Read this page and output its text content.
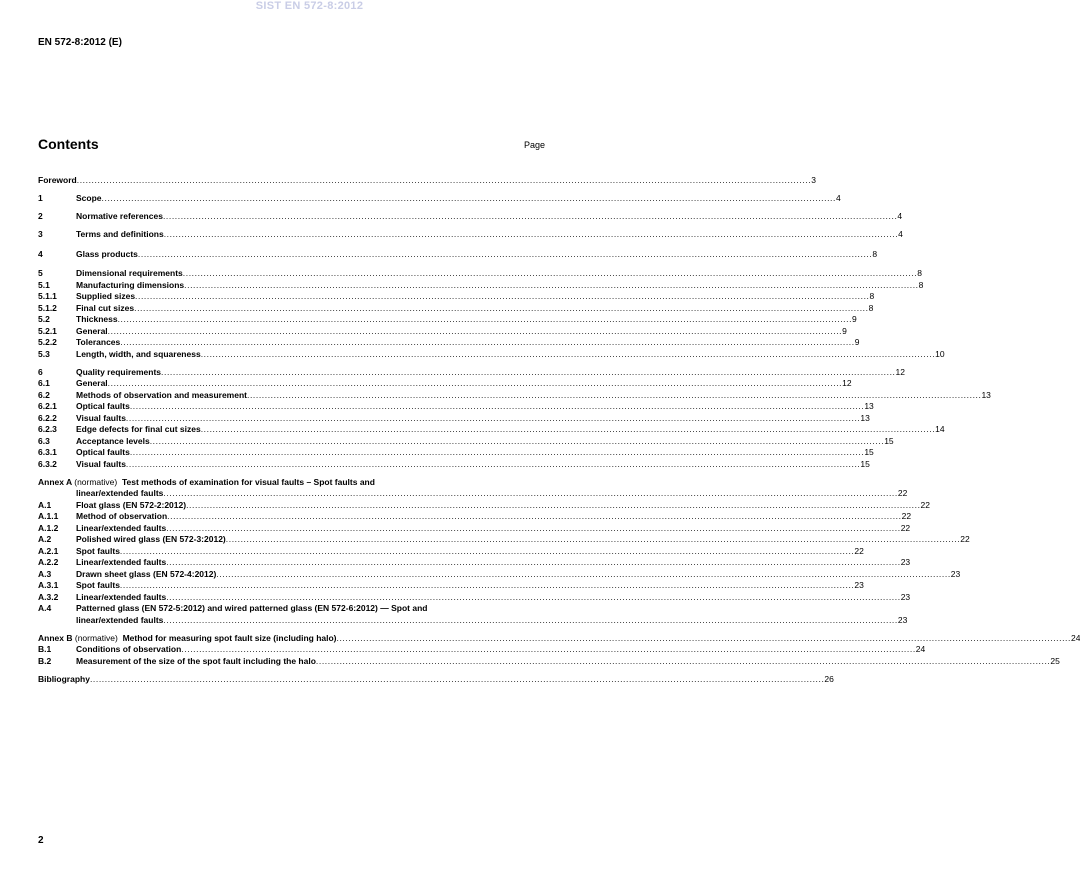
SIST EN 572-8:2012
EN 572-8:2012 (E)
Contents	Page
Foreword .....	3
1	Scope .....	4
2	Normative references .....	4
3	Terms and definitions .....	4
4	Glass products .....	8
5	Dimensional requirements .....	8
5.1	Manufacturing dimensions .....	8
5.1.1	Supplied sizes .....	8
5.1.2	Final cut sizes .....	8
5.2	Thickness .....	9
5.2.1	General .....	9
5.2.2	Tolerances .....	9
5.3	Length, width, and squareness .....	10
6	Quality requirements .....	12
6.1	General .....	12
6.2	Methods of observation and measurement .....	13
6.2.1	Optical faults .....	13
6.2.2	Visual faults .....	13
6.2.3	Edge defects for final cut sizes .....	14
6.3	Acceptance levels .....	15
6.3.1	Optical faults .....	15
6.3.2	Visual faults .....	15
Annex A (normative) Test methods of examination for visual faults – Spot faults and
linear/extended faults .....	22
A.1	Float glass (EN 572-2:2012) .....	22
A.1.1	Method of observation .....	22
A.1.2	Linear/extended faults .....	22
A.2	Polished wired glass (EN 572-3:2012) .....	22
A.2.1	Spot faults .....	22
A.2.2	Linear/extended faults .....	23
A.3	Drawn sheet glass (EN 572-4:2012) .....	23
A.3.1	Spot faults .....	23
A.3.2	Linear/extended faults .....	23
A.4	Patterned glass (EN 572-5:2012) and wired patterned glass (EN 572-6:2012) — Spot and
linear/extended faults .....	23
Annex B (normative) Method for measuring spot fault size (including halo) .....	24
B.1	Conditions of observation .....	24
B.2	Measurement of the size of the spot fault including the halo .....	25
Bibliography .....	26
2
